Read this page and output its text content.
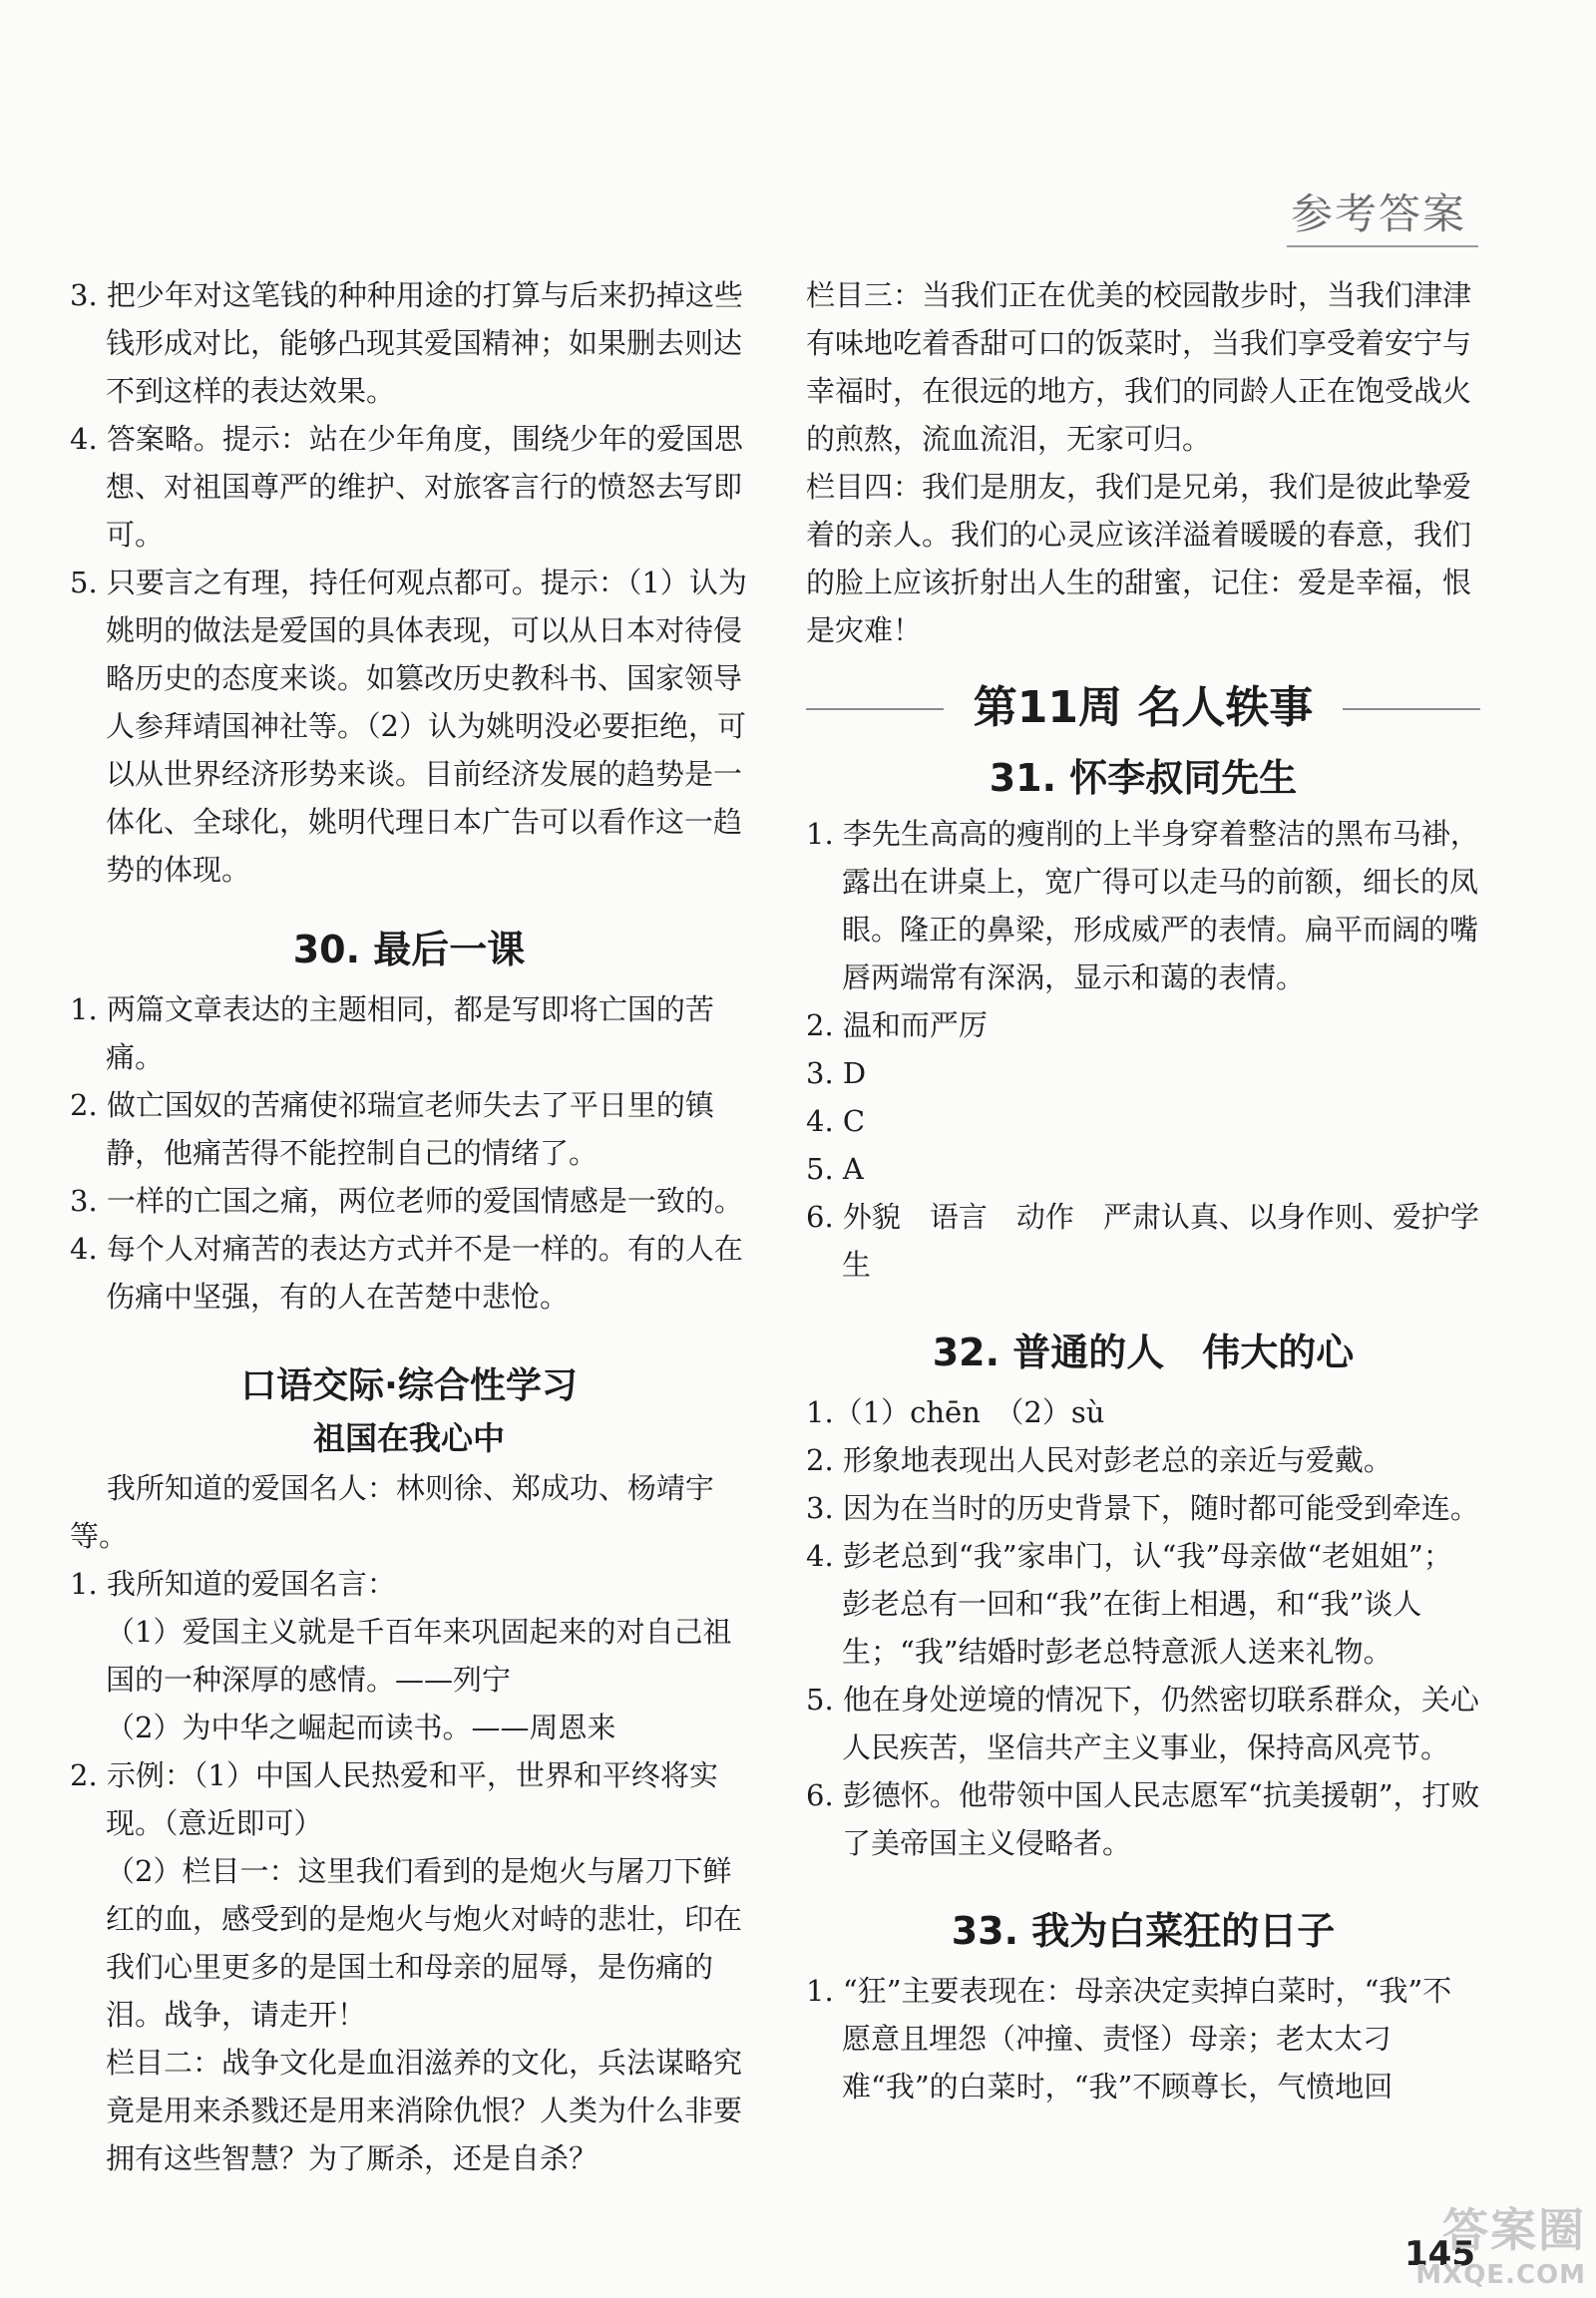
参考答案

3. 把少年对这笔钱的种种用途的打算与后来扔掉这些钱形成对比，能够凸现其爱国精神；如果删去则达不到这样的表达效果。

4. 答案略。提示：站在少年角度，围绕少年的爱国思想、对祖国尊严的维护、对旅客言行的愤怒去写即可。

5. 只要言之有理，持任何观点都可。提示：（1）认为姚明的做法是爱国的具体表现，可以从日本对待侵略历史的态度来谈。如篡改历史教科书、国家领导人参拜靖国神社等。（2）认为姚明没必要拒绝，可以从世界经济形势来谈。目前经济发展的趋势是一体化、全球化，姚明代理日本广告可以看作这一趋势的体现。

30. 最后一课

1. 两篇文章表达的主题相同，都是写即将亡国的苦痛。

2. 做亡国奴的苦痛使祁瑞宣老师失去了平日里的镇静，他痛苦得不能控制自己的情绪了。

3. 一样的亡国之痛，两位老师的爱国情感是一致的。

4. 每个人对痛苦的表达方式并不是一样的。有的人在伤痛中坚强，有的人在苦楚中悲怆。

口语交际·综合性学习
祖国在我心中

我所知道的爱国名人：林则徐、郑成功、杨靖宇等。

1. 我所知道的爱国名言：

（1）爱国主义就是千百年来巩固起来的对自己祖国的一种深厚的感情。——列宁

（2）为中华之崛起而读书。——周恩来

2. 示例：（1）中国人民热爱和平，世界和平终将实现。（意近即可）

（2）栏目一：这里我们看到的是炮火与屠刀下鲜红的血，感受到的是炮火与炮火对峙的悲壮，印在我们心里更多的是国土和母亲的屈辱，是伤痛的泪。战争，请走开！

栏目二：战争文化是血泪滋养的文化，兵法谋略究竟是用来杀戮还是用来消除仇恨？人类为什么非要拥有这些智慧？为了厮杀，还是自杀？

栏目三：当我们正在优美的校园散步时，当我们津津有味地吃着香甜可口的饭菜时，当我们享受着安宁与幸福时，在很远的地方，我们的同龄人正在饱受战火的煎熬，流血流泪，无家可归。

栏目四：我们是朋友，我们是兄弟，我们是彼此挚爱着的亲人。我们的心灵应该洋溢着暖暖的春意，我们的脸上应该折射出人生的甜蜜，记住：爱是幸福，恨是灾难！

第11周 名人轶事
31. 怀李叔同先生

1. 李先生高高的瘦削的上半身穿着整洁的黑布马褂，露出在讲桌上，宽广得可以走马的前额，细长的凤眼。隆正的鼻梁，形成威严的表情。扁平而阔的嘴唇两端常有深涡，显示和蔼的表情。

2. 温和而严厉

3. D

4. C

5. A

6. 外貌　语言　动作　严肃认真、以身作则、爱护学生

32. 普通的人　伟大的心

1.（1）chēn　（2）sù

2. 形象地表现出人民对彭老总的亲近与爱戴。

3. 因为在当时的历史背景下，随时都可能受到牵连。

4. 彭老总到“我”家串门，认“我”母亲做“老姐姐”；彭老总有一回和“我”在街上相遇，和“我”谈人生；“我”结婚时彭老总特意派人送来礼物。

5. 他在身处逆境的情况下，仍然密切联系群众，关心人民疾苦，坚信共产主义事业，保持高风亮节。

6. 彭德怀。他带领中国人民志愿军“抗美援朝”，打败了美帝国主义侵略者。

33. 我为白菜狂的日子

1. “狂”主要表现在：母亲决定卖掉白菜时，“我”不愿意且埋怨（冲撞、责怪）母亲；老太太刁难“我”的白菜时，“我”不顾尊长，气愤地回

145
答案圈
MXQE.COM
